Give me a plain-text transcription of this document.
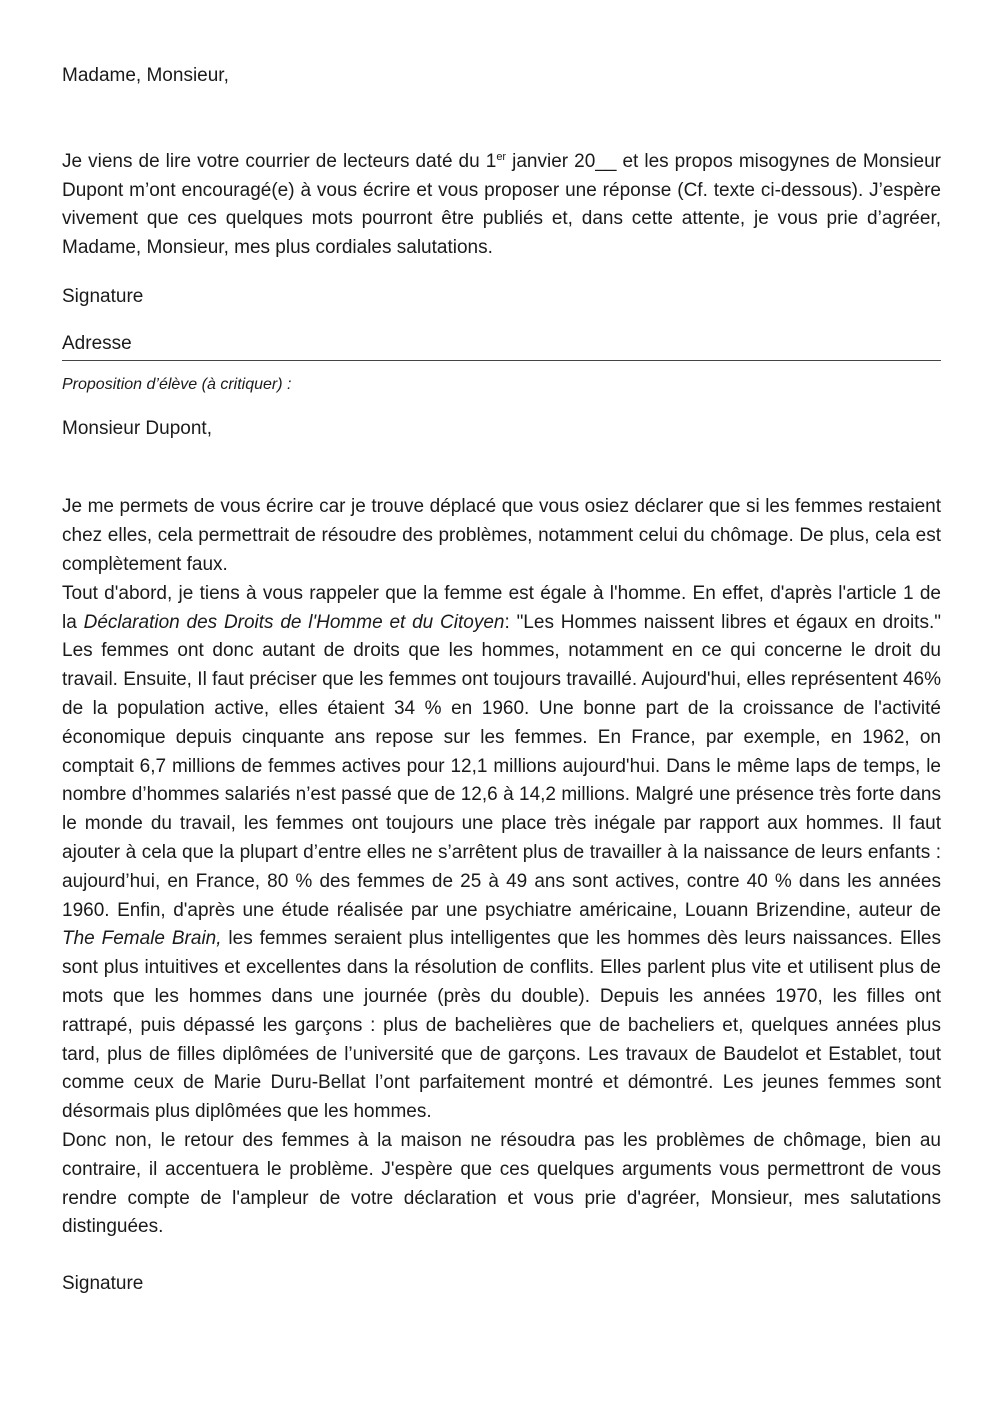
Madame, Monsieur,

Je viens de lire votre courrier de lecteurs daté du 1er janvier 20__ et les propos misogynes de Monsieur Dupont m’ont encouragé(e) à vous écrire et vous proposer une réponse (Cf. texte ci-dessous). J’espère vivement que ces quelques mots pourront être publiés et, dans cette attente, je vous prie d’agréer, Madame, Monsieur, mes plus cordiales salutations.

Signature

Adresse

Proposition d’élève (à critiquer) :

Monsieur Dupont,

Je me permets de vous écrire car je trouve déplacé que vous osiez déclarer que si les femmes restaient chez elles, cela permettrait de résoudre des problèmes, notamment celui du chômage. De plus, cela est complètement faux.

Tout d'abord, je tiens à vous rappeler que la femme est égale à l'homme. En effet, d'après l'article 1 de la Déclaration des Droits de l'Homme et du Citoyen: "Les Hommes naissent libres et égaux en droits." Les femmes ont donc autant de droits que les hommes, notamment en ce qui concerne le droit du travail. Ensuite, Il faut préciser que les femmes ont toujours travaillé. Aujourd'hui, elles représentent 46% de la population active, elles étaient 34 % en 1960. Une bonne part de la croissance de l'activité économique depuis cinquante ans repose sur les femmes. En France, par exemple, en 1962, on comptait 6,7 millions de femmes actives pour 12,1 millions aujourd'hui. Dans le même laps de temps, le nombre d’hommes salariés n’est passé que de 12,6 à 14,2 millions. Malgré une présence très forte dans le monde du travail, les femmes ont toujours une place très inégale par rapport aux hommes. Il faut ajouter à cela que la plupart d’entre elles ne s’arrêtent plus de travailler à la naissance de leurs enfants : aujourd’hui, en France, 80 % des femmes de 25 à 49 ans sont actives, contre 40 % dans les années 1960. Enfin, d'après une étude réalisée par une psychiatre américaine, Louann Brizendine, auteur de The Female Brain, les femmes seraient plus intelligentes que les hommes dès leurs naissances. Elles sont plus intuitives et excellentes dans la résolution de conflits. Elles parlent plus vite et utilisent plus de mots que les hommes dans une journée (près du double). Depuis les années 1970, les filles ont rattrapé, puis dépassé les garçons : plus de bachelières que de bacheliers et, quelques années plus tard, plus de filles diplômées de l’université que de garçons. Les travaux de Baudelot et Establet, tout comme ceux de Marie Duru-Bellat l’ont parfaitement montré et démontré. Les jeunes femmes sont désormais plus diplômées que les hommes.

Donc non, le retour des femmes à la maison ne résoudra pas les problèmes de chômage, bien au contraire, il accentuera le problème. J'espère que ces quelques arguments vous permettront de vous rendre compte de l'ampleur de votre déclaration et vous prie d'agréer, Monsieur, mes salutations distinguées.

Signature
